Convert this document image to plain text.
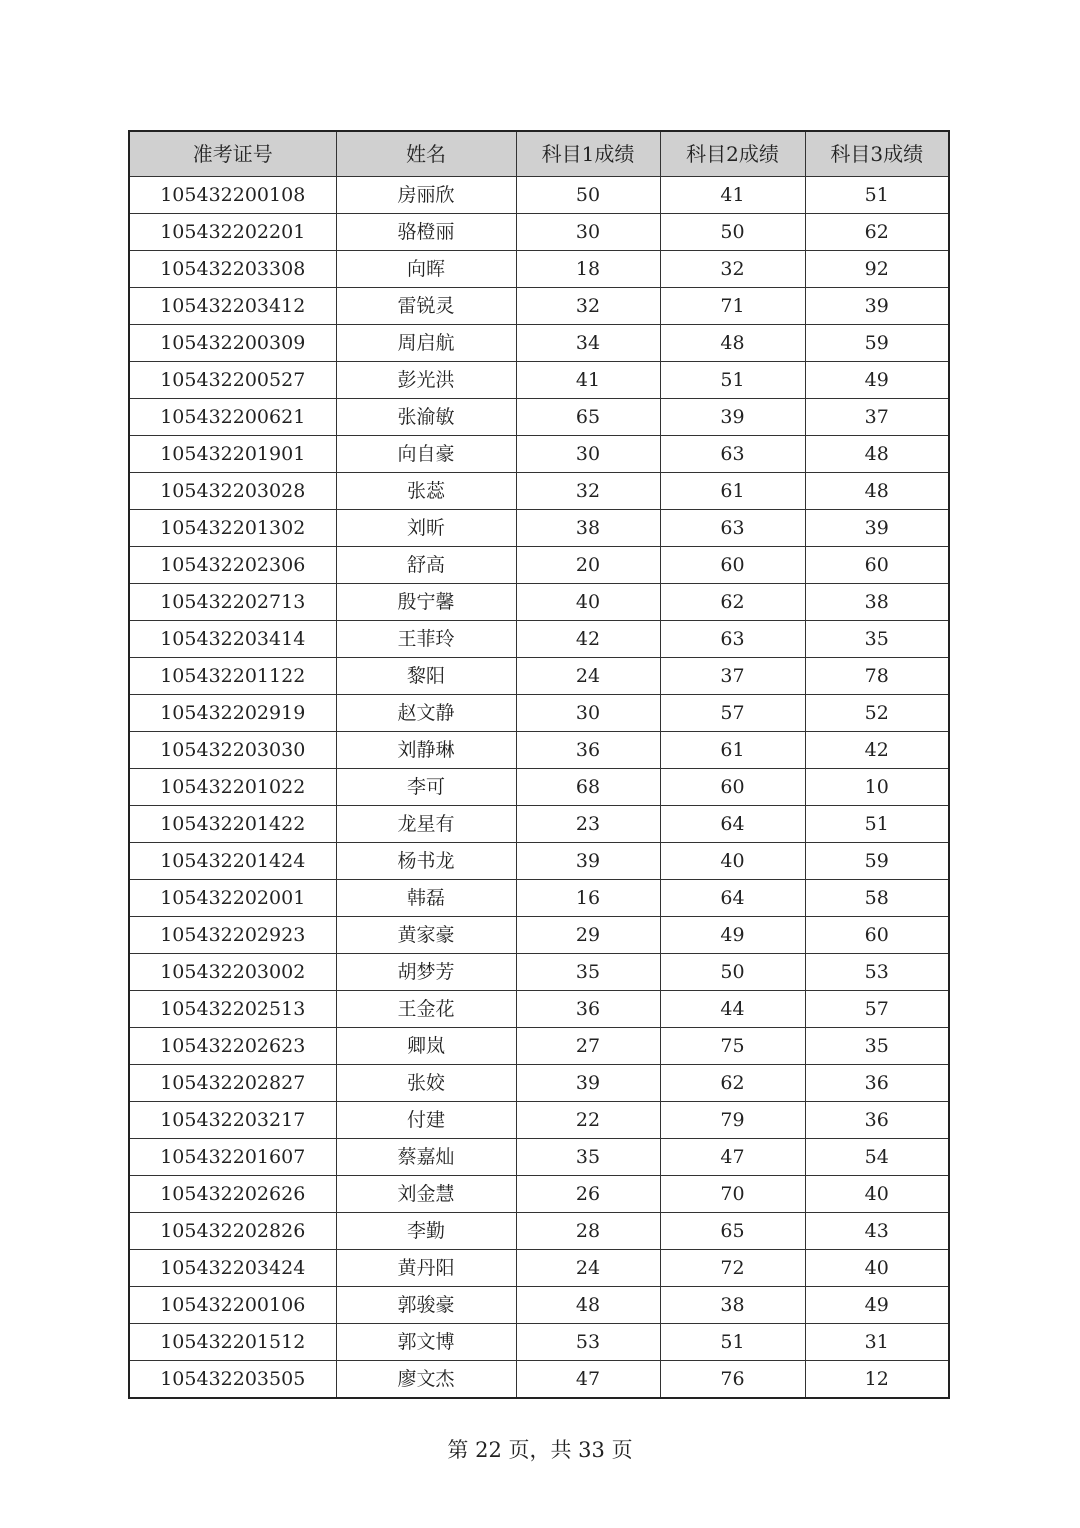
准考证号	姓名	科目1成绩	科目2成绩	科目3成绩
105432200108	房丽欣	50	41	51
105432202201	骆橙丽	30	50	62
105432203308	向晖	18	32	92
105432203412	雷锐灵	32	71	39
105432200309	周启航	34	48	59
105432200527	彭光洪	41	51	49
105432200621	张渝敏	65	39	37
105432201901	向自豪	30	63	48
105432203028	张蕊	32	61	48
105432201302	刘昕	38	63	39
105432202306	舒高	20	60	60
105432202713	殷宁馨	40	62	38
105432203414	王菲玲	42	63	35
105432201122	黎阳	24	37	78
105432202919	赵文静	30	57	52
105432203030	刘静琳	36	61	42
105432201022	李可	68	60	10
105432201422	龙星有	23	64	51
105432201424	杨书龙	39	40	59
105432202001	韩磊	16	64	58
105432202923	黄家豪	29	49	60
105432203002	胡梦芳	35	50	53
105432202513	王金花	36	44	57
105432202623	卿岚	27	75	35
105432202827	张姣	39	62	36
105432203217	付建	22	79	36
105432201607	蔡嘉灿	35	47	54
105432202626	刘金慧	26	70	40
105432202826	李勤	28	65	43
105432203424	黄丹阳	24	72	40
105432200106	郭骏豪	48	38	49
105432201512	郭文博	53	51	31
105432203505	廖文杰	47	76	12
第 22 页，共 33 页
